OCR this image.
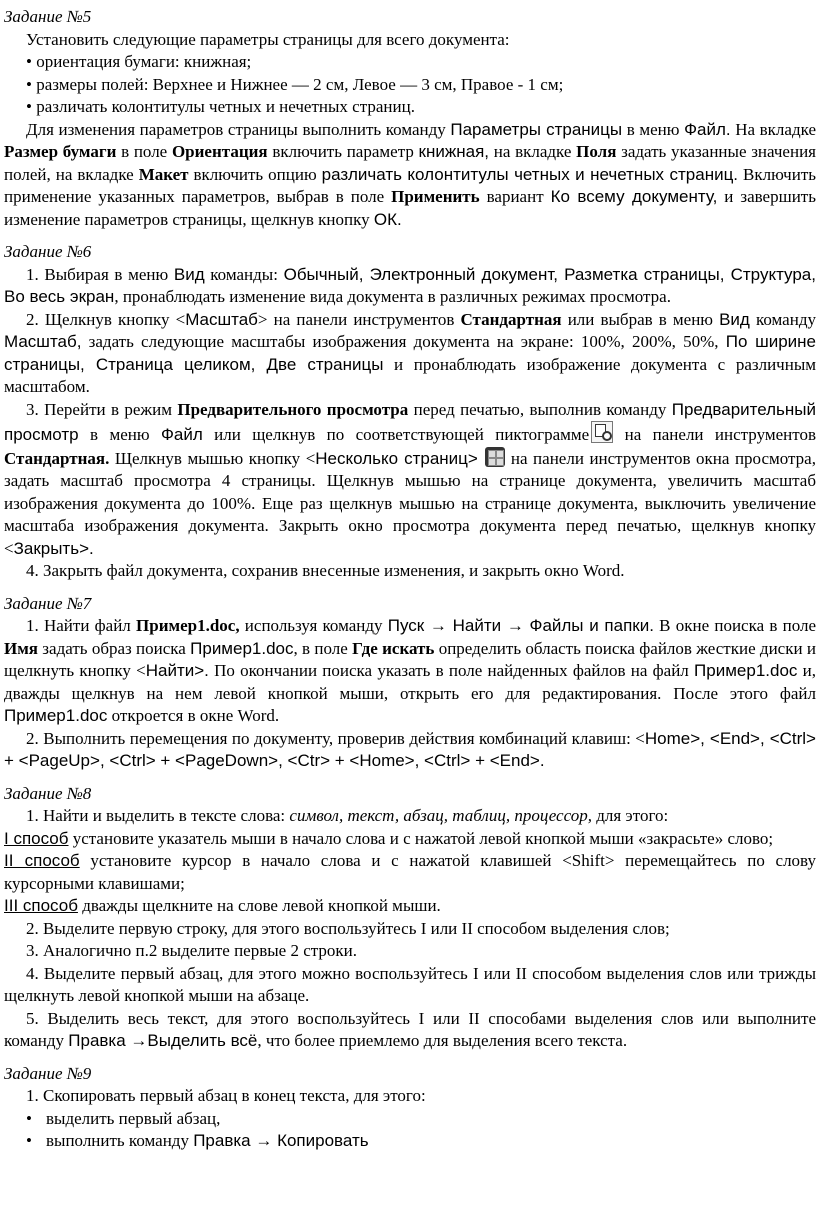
Задание №5

Установить следующие параметры страницы для всего документа:

• ориентация бумаги: книжная;

• размеры полей: Верхнее и Нижнее — 2 см, Левое — 3 см, Правое - 1 см;

• различать колонтитулы четных и нечетных страниц.

Для изменения параметров страницы выполнить команду Параметры страницы в меню Файл. На вкладке Размер бумаги в поле Ориентация включить параметр книжная, на вкладке Поля задать указанные значения полей, на вкладке Макет включить опцию различать колонтитулы четных и нечетных страниц. Включить применение указанных параметров, выбрав в поле Применить вариант Ко всему документу, и завершить изменение параметров страницы, щелкнув кнопку ОК.

Задание №6

1. Выбирая в меню Вид команды: Обычный, Электронный документ, Разметка страницы, Структура, Во весь экран, пронаблюдать изменение вида документа в различных режимах просмотра.

2. Щелкнув кнопку <Масштаб> на панели инструментов Стандартная или выбрав в меню Вид команду Масштаб, задать следующие масштабы изображения документа на экране: 100%, 200%, 50%, По ширине страницы, Страница целиком, Две страницы и пронаблюдать изображение документа с различным масштабом.

3. Перейти в режим Предварительного просмотра перед печатью, выполнив команду Предварительный просмотр в меню Файл или щелкнув по соответствующей пиктограмме на панели инструментов Стандартная. Щелкнув мышью кнопку <Несколько страниц>
на панели инструментов окна просмотра, задать масштаб просмотра 4 страницы. Щелкнув мышью на странице документа, увеличить масштаб изображения документа до 100%. Еще раз щелкнув мышью на странице документа, выключить увеличение масштаба изображения документа. Закрыть окно просмотра документа перед печатью, щелкнув кнопку <Закрыть>.

4. Закрыть файл документа, сохранив внесенные изменения, и закрыть окно Word.

Задание №7

1. Найти файл Пример1.doc, используя команду Пуск → Найти → Файлы и папки. В окне поиска в поле Имя задать образ поиска Пример1.doc, в поле Где искать определить область поиска файлов жесткие диски и щелкнуть кнопку <Найти>. По окончании поиска указать в поле найденных файлов на файл Пример1.doc и, дважды щелкнув на нем левой кнопкой мыши, открыть его для редактирования. После этого файл Пример1.doc откроется в окне Word.

2. Выполнить перемещения по документу, проверив действия комбинаций клавиш: <Home>, <End>, <Ctrl> + <PageUp>, <Ctrl> + <PageDown>, <Ctr> + <Home>, <Ctrl> + <End>.

Задание №8

1. Найти и выделить в тексте слова: символ, текст, абзац, таблиц, процессор, для этого:

I способ установите указатель мыши в начало слова и с нажатой левой кнопкой мыши «закрасьте» слово;

II способ установите курсор в начало слова и с нажатой клавишей <Shift> перемещайтесь по слову курсорными клавишами;

III способ дважды щелкните на слове левой кнопкой мыши.

2. Выделите первую строку, для этого воспользуйтесь I или II способом выделения слов;

3. Аналогично п.2 выделите первые 2 строки.

4. Выделите первый абзац, для этого можно воспользуйтесь I или II способом выделения слов или трижды щелкнуть левой кнопкой мыши на абзаце.

5. Выделить весь текст, для этого воспользуйтесь I или II способами выделения слов или выполните команду Правка →Выделить всё, что более приемлемо для выделения всего текста.

Задание №9

1. Скопировать первый абзац в конец текста, для этого:

• выделить первый абзац,

• выполнить команду Правка → Копировать
